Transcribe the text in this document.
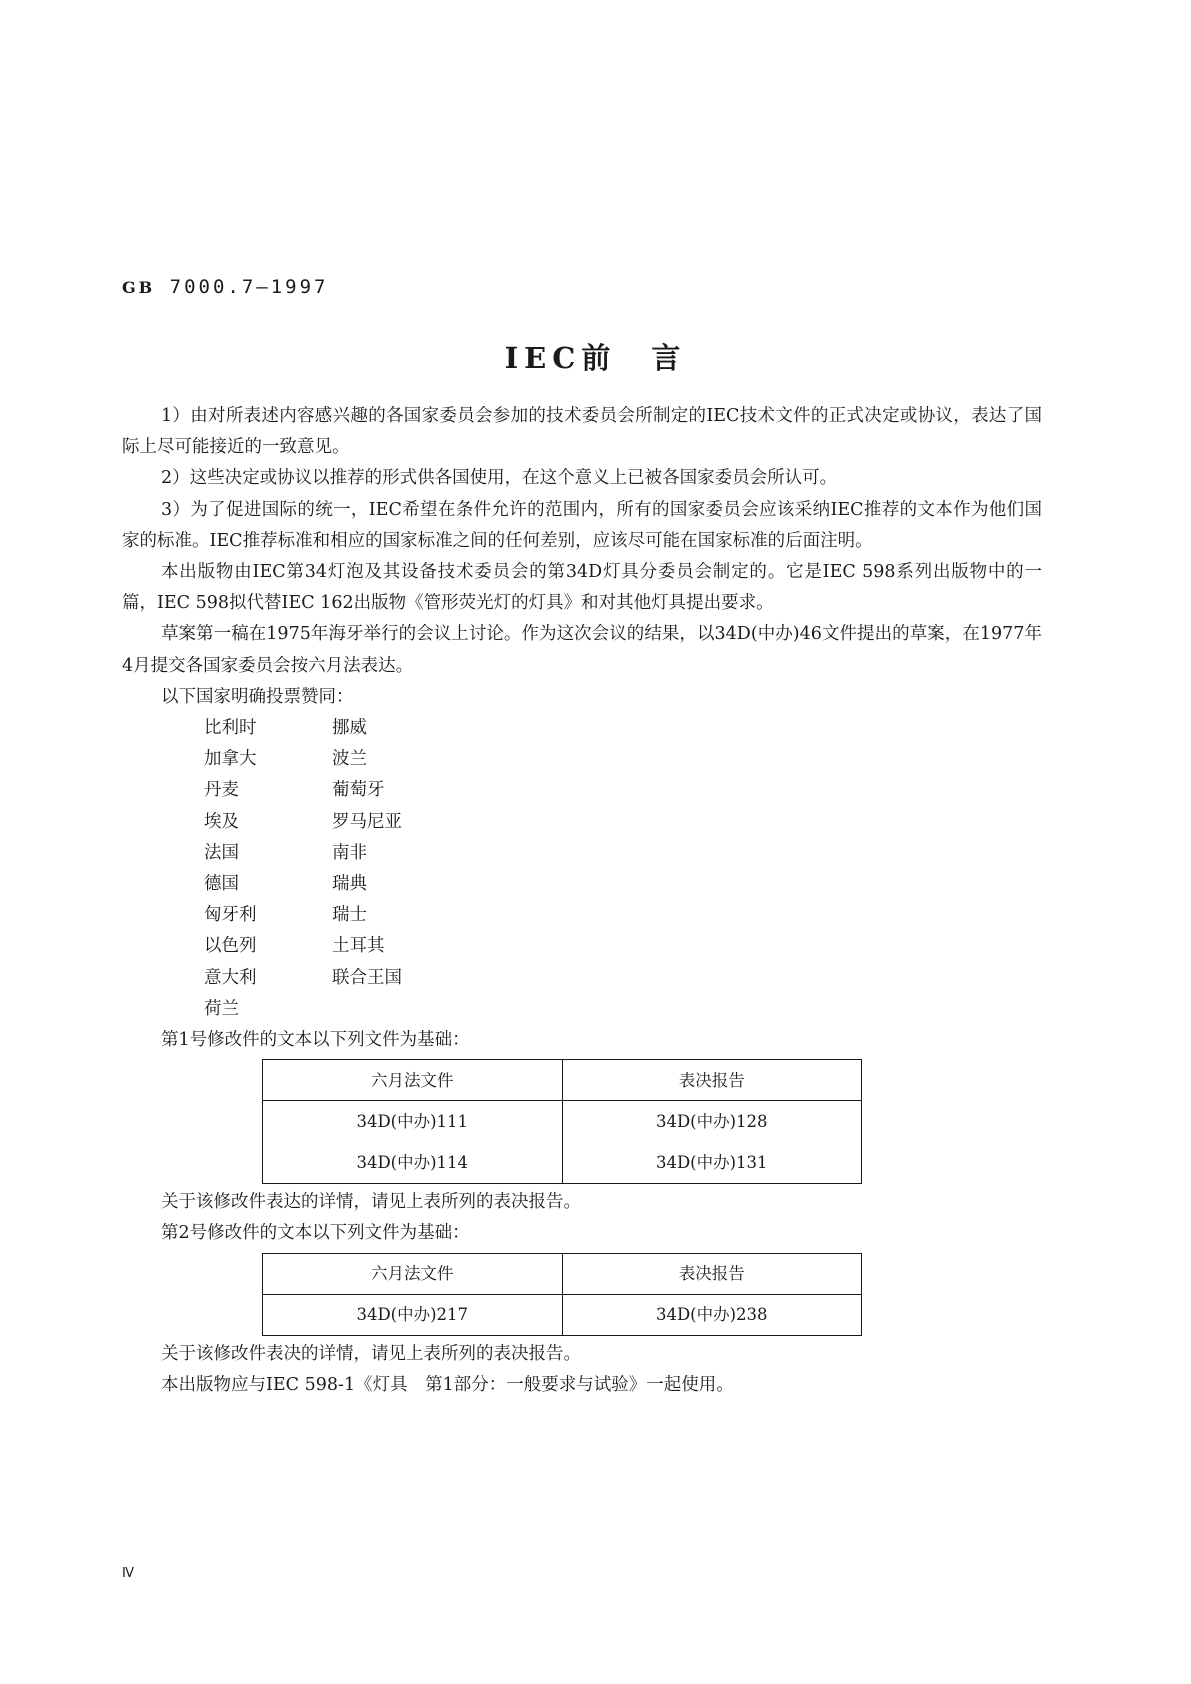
GB 7000.7—1997
IEC前　言
1）由对所表述内容感兴趣的各国家委员会参加的技术委员会所制定的IEC技术文件的正式决定或协议，表达了国际上尽可能接近的一致意见。
2）这些决定或协议以推荐的形式供各国使用，在这个意义上已被各国家委员会所认可。
3）为了促进国际的统一，IEC希望在条件允许的范围内，所有的国家委员会应该采纳IEC推荐的文本作为他们国家的标准。IEC推荐标准和相应的国家标准之间的任何差别，应该尽可能在国家标准的后面注明。
本出版物由IEC第34灯泡及其设备技术委员会的第34D灯具分委员会制定的。它是IEC 598系列出版物中的一篇，IEC 598拟代替IEC 162出版物《管形荧光灯的灯具》和对其他灯具提出要求。
草案第一稿在1975年海牙举行的会议上讨论。作为这次会议的结果，以34D(中办)46文件提出的草案，在1977年4月提交各国家委员会按六月法表达。
以下国家明确投票赞同：
比利时	挪威
加拿大	波兰
丹麦	葡萄牙
埃及	罗马尼亚
法国	南非
德国	瑞典
匈牙利	瑞士
以色列	土耳其
意大利	联合王国
荷兰
第1号修改件的文本以下列文件为基础：
六月法文件	表决报告
34D(中办)111	34D(中办)128
34D(中办)114	34D(中办)131
关于该修改件表达的详情，请见上表所列的表决报告。
第2号修改件的文本以下列文件为基础：
六月法文件	表决报告
34D(中办)217	34D(中办)238
关于该修改件表决的详情，请见上表所列的表决报告。
本出版物应与IEC 598-1《灯具　第1部分：一般要求与试验》一起使用。
Ⅳ
